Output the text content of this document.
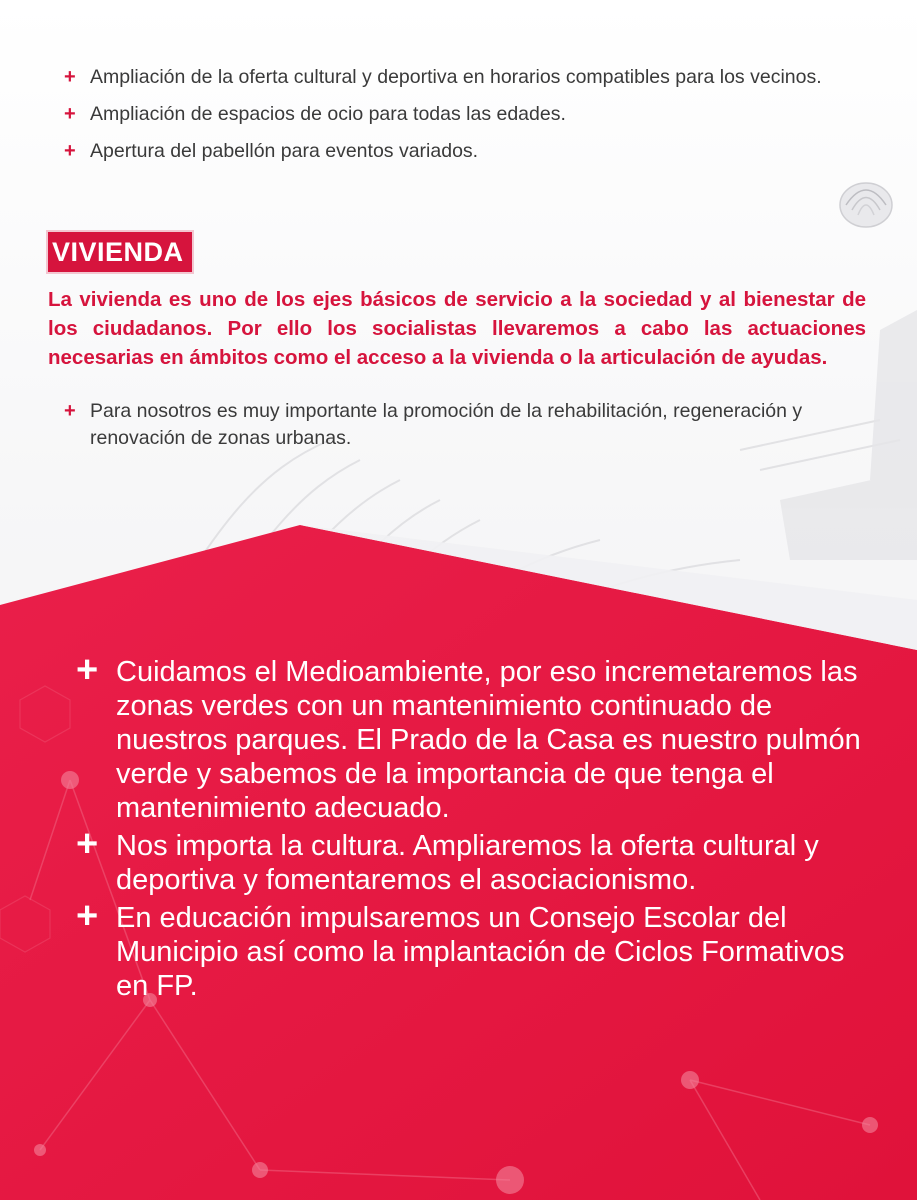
+ Ampliación de la oferta cultural y deportiva en horarios compatibles para los vecinos.
+ Ampliación de espacios de ocio para todas las edades.
+ Apertura del pabellón para eventos variados.
VIVIENDA

La vivienda es uno de los ejes básicos de servicio a la sociedad y al bienestar de los ciudadanos. Por ello los socialistas llevaremos a cabo las actuaciones necesarias en ámbitos como el acceso a la vivienda o la articulación de ayudas.

+ Para nosotros es muy importante la promoción de la rehabilitación, regeneración y renovación de zonas urbanas.
+ Cuidamos el Medioambiente, por eso incremetaremos las zonas verdes con un mantenimiento continuado de nuestros parques. El Prado de la Casa es nuestro pulmón verde y sabemos de la importancia de que tenga el mantenimiento adecuado.
+ Nos importa la cultura. Ampliaremos la oferta cultural y deportiva y fomentaremos el asociacionismo.
+ En educación impulsaremos un Consejo Escolar del Municipio así como la implantación de Ciclos Formativos en FP.
